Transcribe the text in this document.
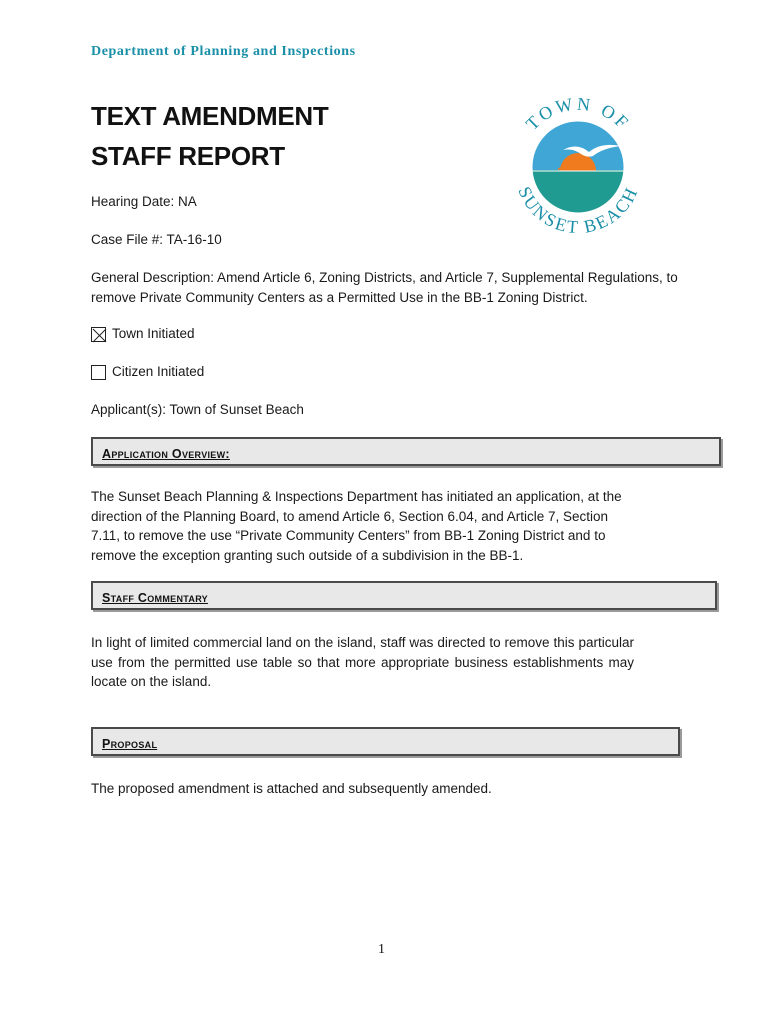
Department of Planning and Inspections
TEXT AMENDMENT
STAFF REPORT
TOWN OF
SUNSET BEACH
Hearing Date: NA
Case File #: TA-16-10
General Description: Amend Article 6, Zoning Districts, and Article 7, Supplemental Regulations, to remove Private Community Centers as a Permitted Use in the BB-1 Zoning District.
Town Initiated
Citizen Initiated
Applicant(s): Town of Sunset Beach
Application Overview:
The Sunset Beach Planning & Inspections Department has initiated an application, at the direction of the Planning Board, to amend Article 6, Section 6.04, and Article 7, Section 7.11, to remove the use “Private Community Centers” from BB-1 Zoning District and to remove the exception granting such outside of a subdivision in the BB-1.
Staff Commentary
In light of limited commercial land on the island, staff was directed to remove this particular use from the permitted use table so that more appropriate business establishments may locate on the island.
Proposal
The proposed amendment is attached and subsequently amended.
1
